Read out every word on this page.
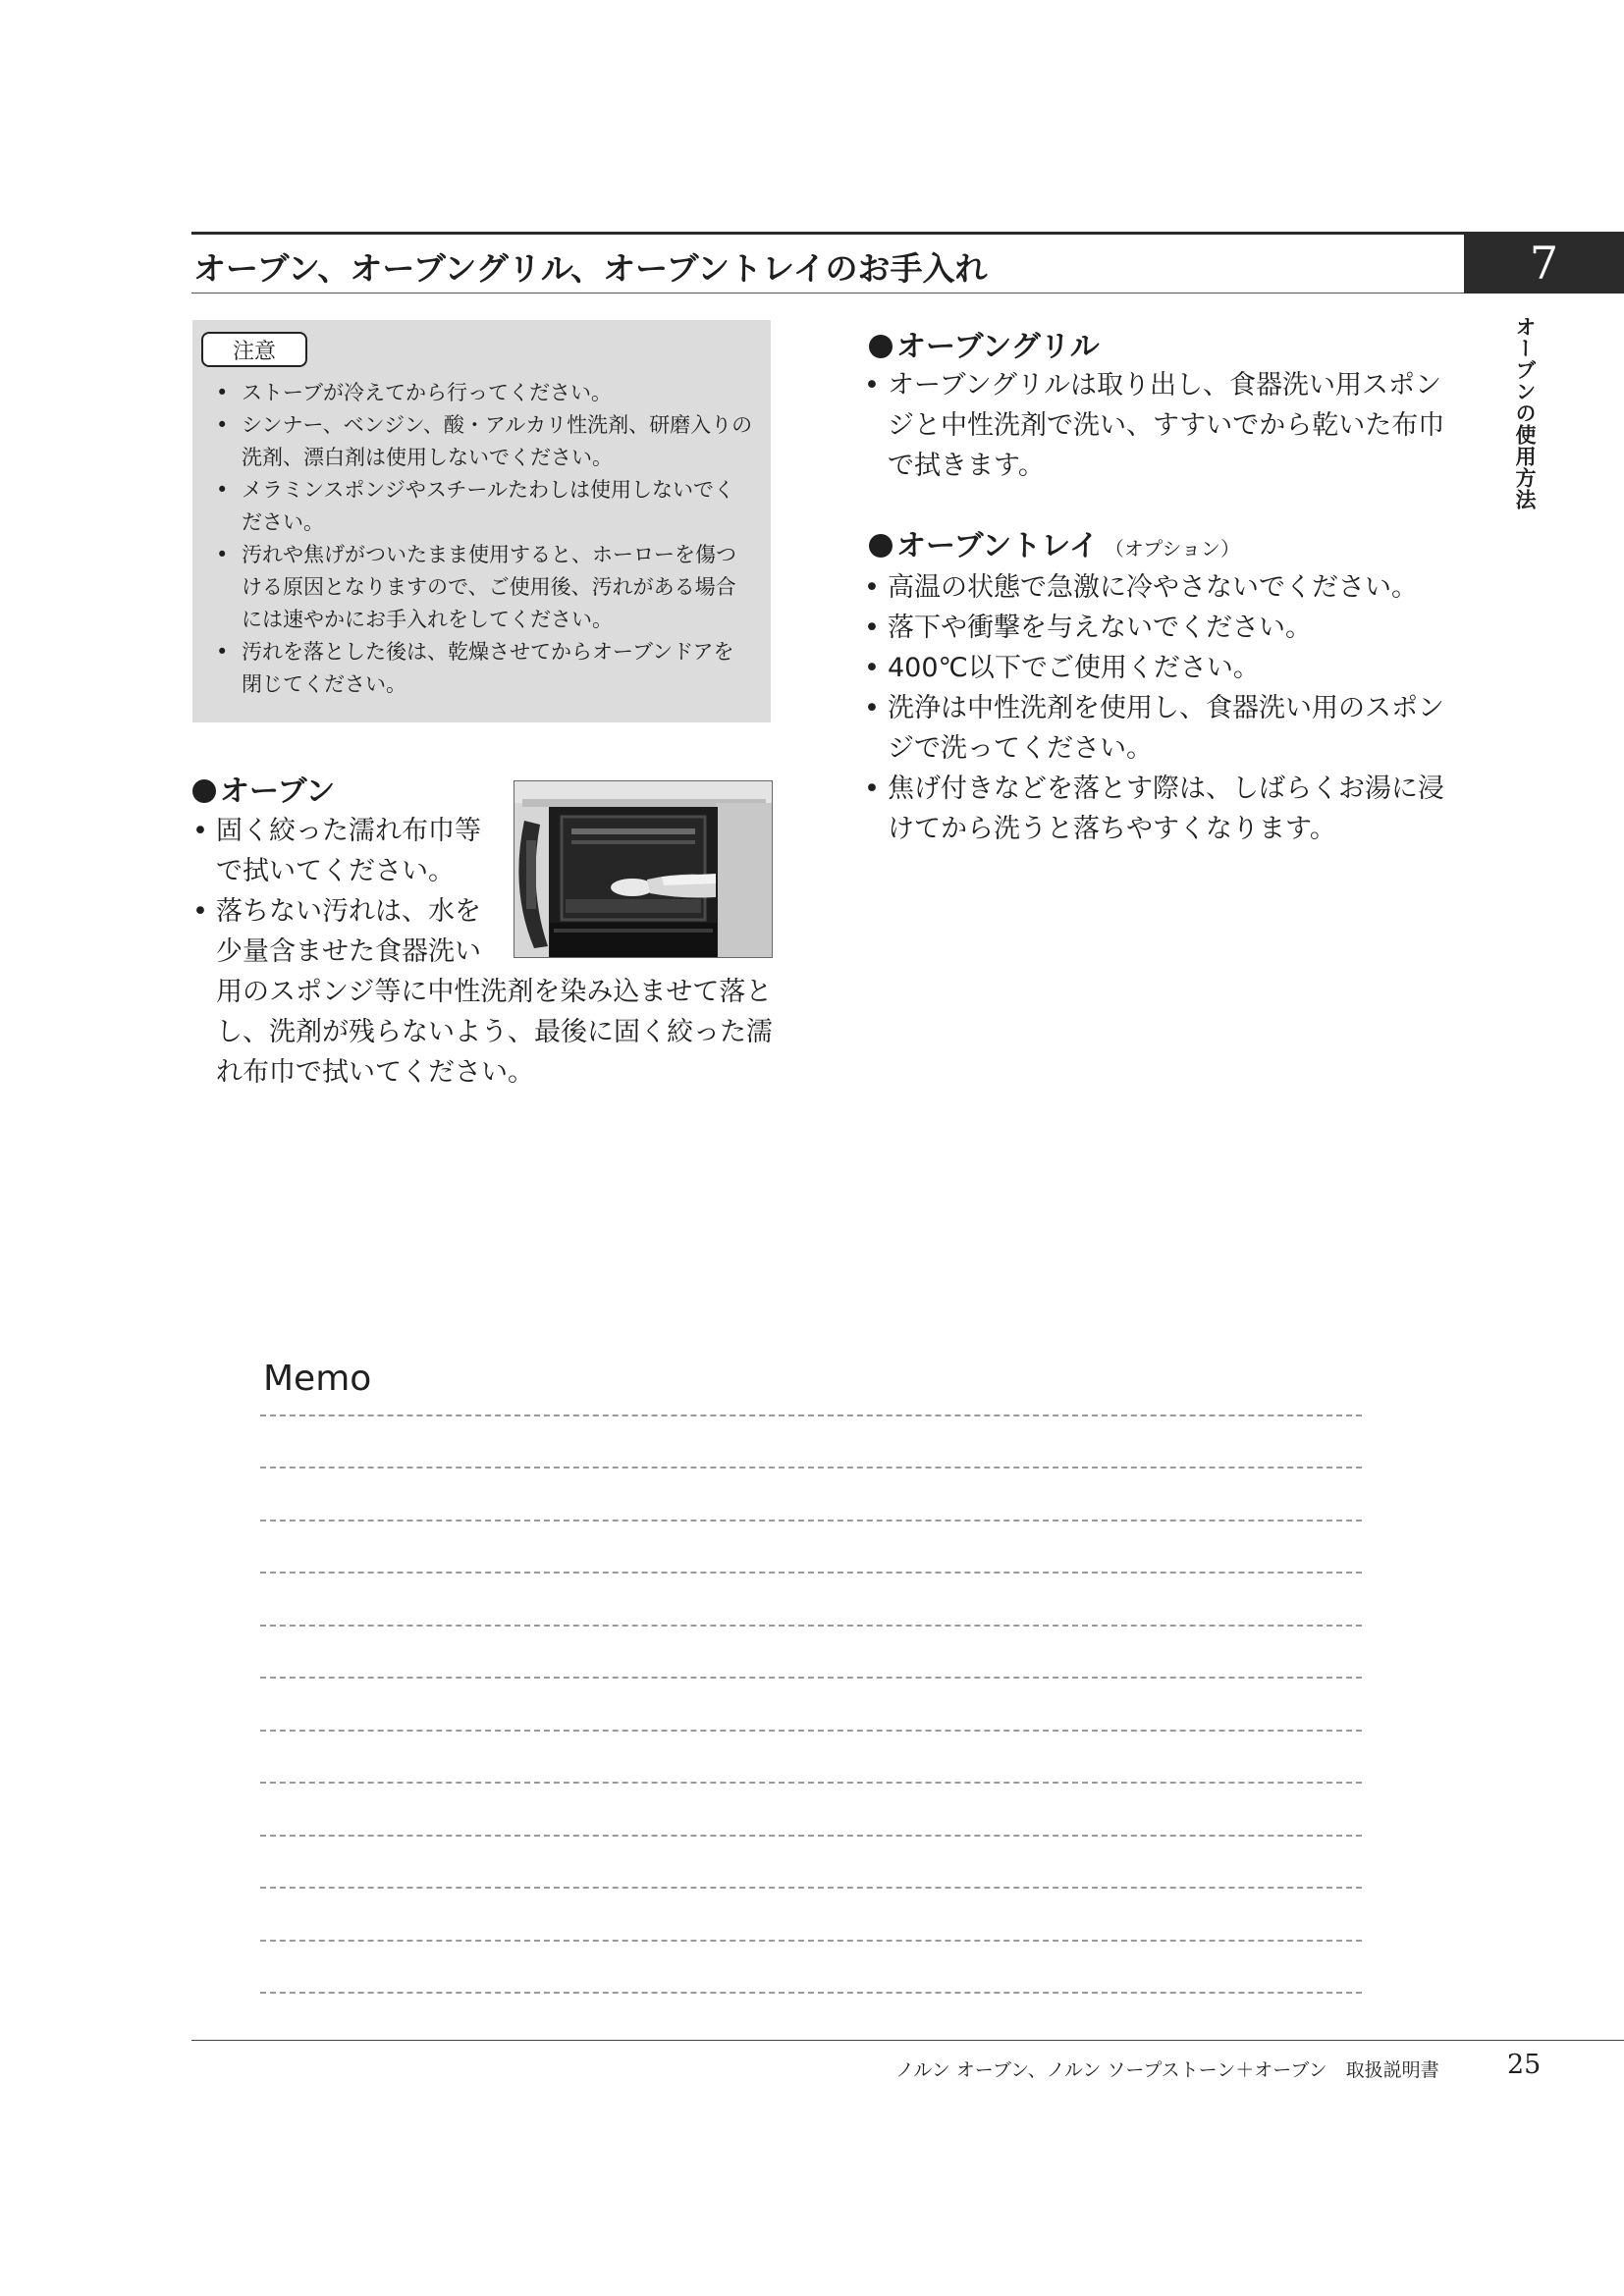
オーブン、オーブングリル、オーブントレイのお手入れ	7
オーブンの使用方法
注意
• ストーブが冷えてから行ってください。
• シンナー、ベンジン、酸・アルカリ性洗剤、研磨入りの洗剤、漂白剤は使用しないでください。
• メラミンスポンジやスチールたわしは使用しないでください。
• 汚れや焦げがついたまま使用すると、ホーローを傷つける原因となりますので、ご使用後、汚れがある場合には速やかにお手入れをしてください。
• 汚れを落とした後は、乾燥させてからオーブンドアを閉じてください。
オーブン
• 固く絞った濡れ布巾等で拭いてください。
• 落ちない汚れは、水を少量含ませた食器洗い
用のスポンジ等に中性洗剤を染み込ませて落とし、洗剤が残らないよう、最後に固く絞った濡れ布巾で拭いてください。
オーブングリル
• オーブングリルは取り出し、食器洗い用スポンジと中性洗剤で洗い、すすいでから乾いた布巾で拭きます。
オーブントレイ （オプション）
• 高温の状態で急激に冷やさないでください。
• 落下や衝撃を与えないでください。
• 400℃以下でご使用ください。
• 洗浄は中性洗剤を使用し、食器洗い用のスポンジで洗ってください。
• 焦げ付きなどを落とす際は、しばらくお湯に浸けてから洗うと落ちやすくなります。
Memo
ノルン オーブン、ノルン ソープストーン＋オーブン　取扱説明書	25
